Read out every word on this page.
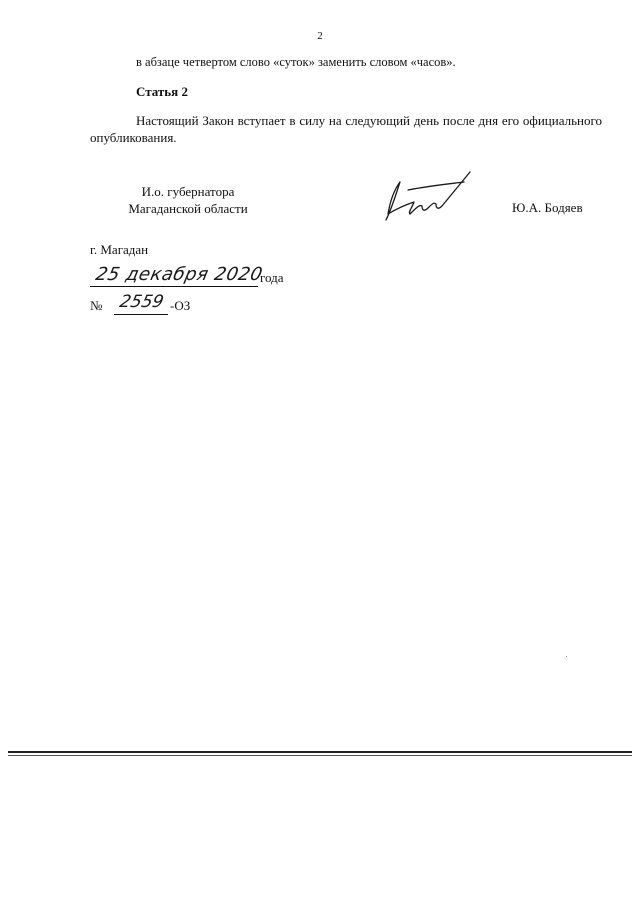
2
в абзаце четвертом слово «суток» заменить словом «часов».
Статья 2
Настоящий Закон вступает в силу на следующий день после дня его официального опубликования.
И.о. губернатора
Магаданской области	Ю.А. Бодяев
г. Магадан
25 декабря 2020
года
№ 2559 -ОЗ
